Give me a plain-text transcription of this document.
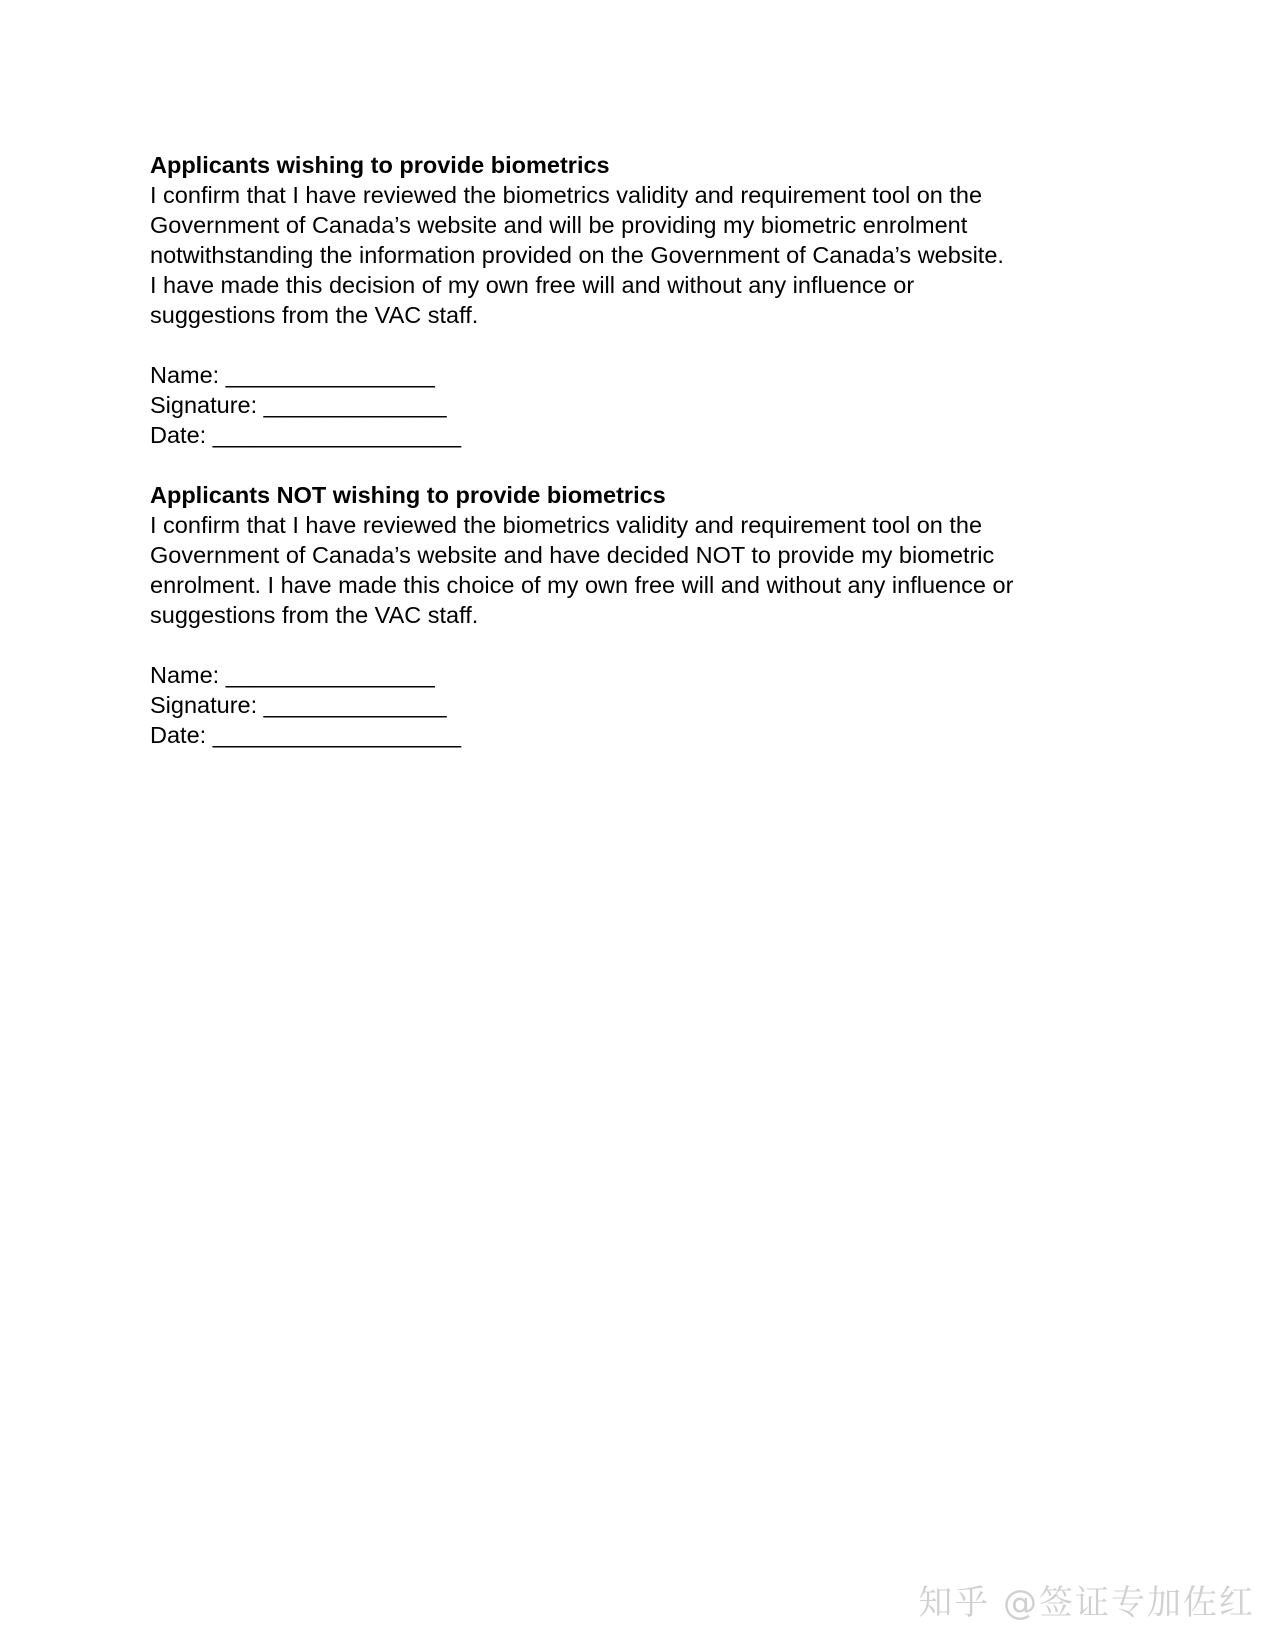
Applicants wishing to provide biometrics

I confirm that I have reviewed the biometrics validity and requirement tool on the
Government of Canada’s website and will be providing my biometric enrolment
notwithstanding the information provided on the Government of Canada’s website.
I have made this decision of my own free will and without any influence or
suggestions from the VAC staff.

Name: ________________
Signature: ______________
Date: ___________________

Applicants NOT wishing to provide biometrics

I confirm that I have reviewed the biometrics validity and requirement tool on the
Government of Canada’s website and have decided NOT to provide my biometric
enrolment. I have made this choice of my own free will and without any influence or
suggestions from the VAC staff.

Name: ________________
Signature: ______________
Date: ___________________
知乎 @签证专加佐红
